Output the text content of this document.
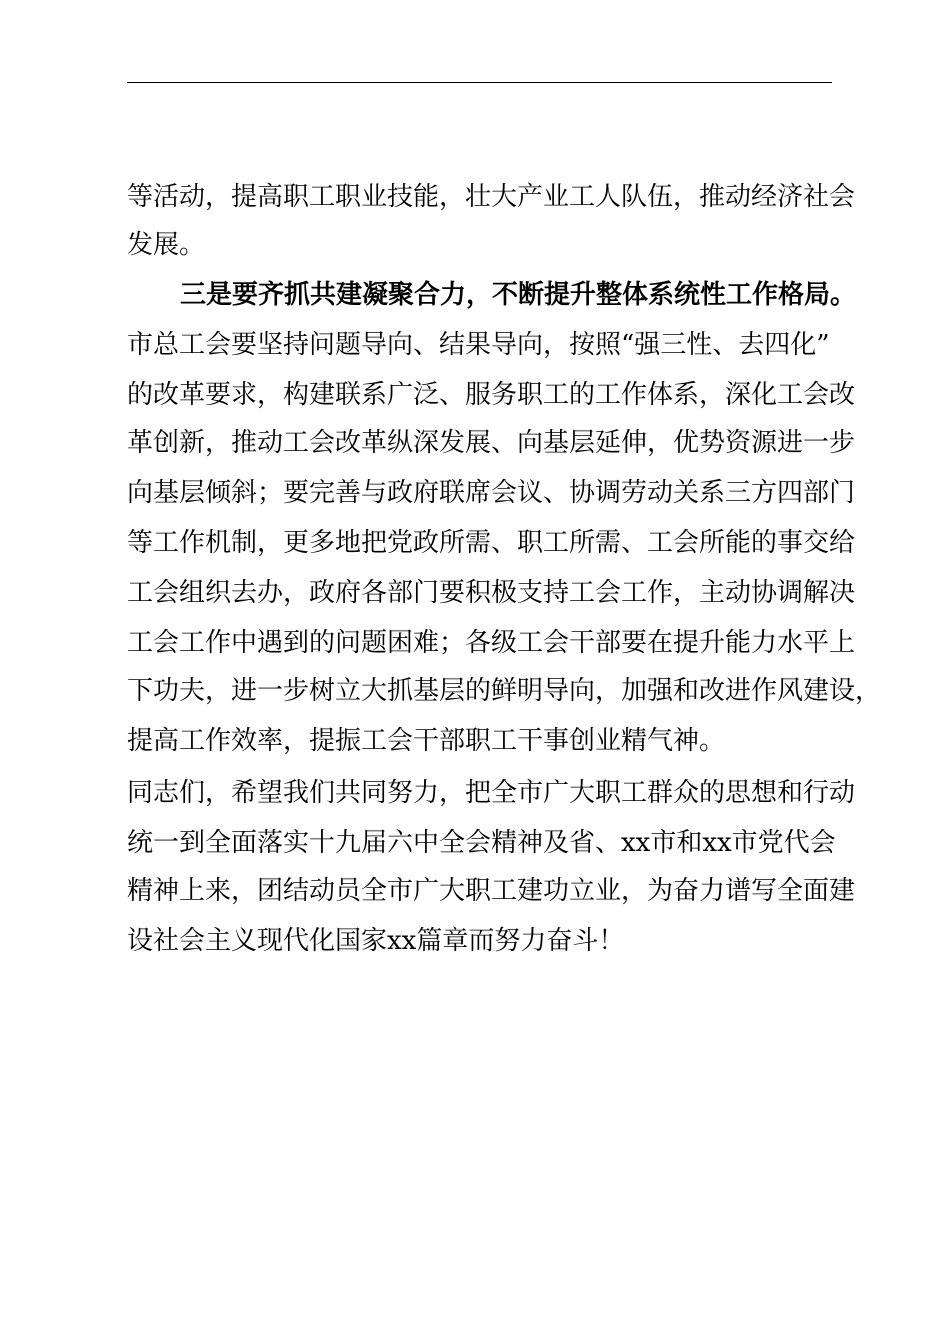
等活动，提高职工职业技能，壮大产业工人队伍，推动经济社会
发展。
三是要齐抓共建凝聚合力，不断提升整体系统性工作格局。
市总工会要坚持问题导向、结果导向，按照“强三性、去四化”
的改革要求，构建联系广泛、服务职工的工作体系，深化工会改
革创新，推动工会改革纵深发展、向基层延伸，优势资源进一步
向基层倾斜；要完善与政府联席会议、协调劳动关系三方四部门
等工作机制，更多地把党政所需、职工所需、工会所能的事交给
工会组织去办，政府各部门要积极支持工会工作，主动协调解决
工会工作中遇到的问题困难；各级工会干部要在提升能力水平上
下功夫，进一步树立大抓基层的鲜明导向，加强和改进作风建设，
提高工作效率，提振工会干部职工干事创业精气神。
同志们，希望我们共同努力，把全市广大职工群众的思想和行动
统一到全面落实十九届六中全会精神及省、xx市和xx市党代会
精神上来，团结动员全市广大职工建功立业，为奋力谱写全面建
设社会主义现代化国家xx篇章而努力奋斗！
